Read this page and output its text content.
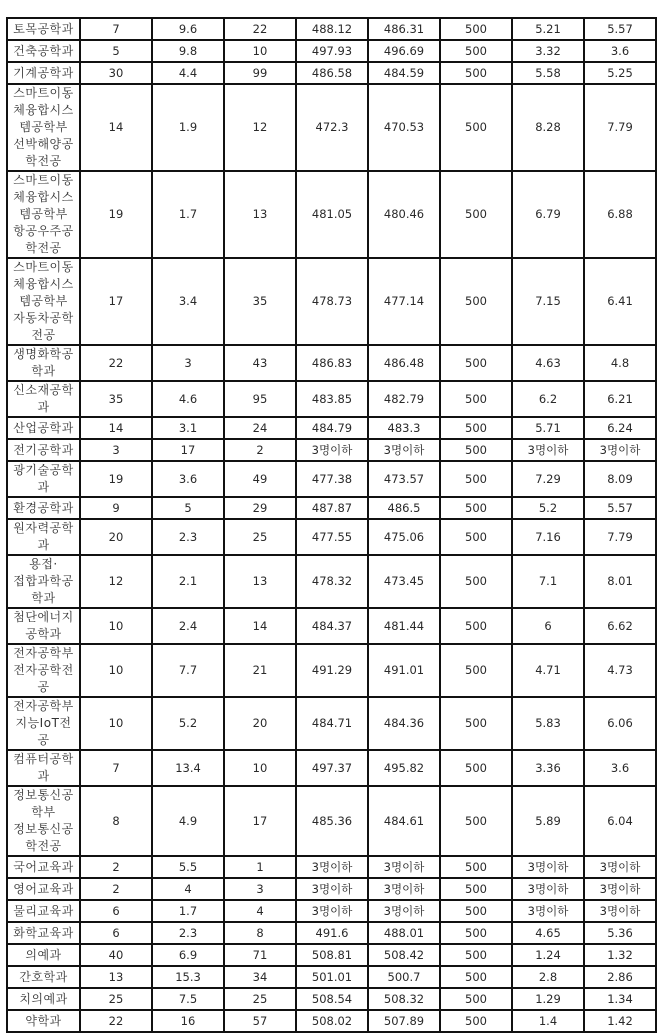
토목공학과	7	9.6	22	488.12	486.31	500	5.21	5.57
건축공학과	5	9.8	10	497.93	496.69	500	3.32	3.6
기계공학과	30	4.4	99	486.58	484.59	500	5.58	5.25
스마트이동체융합시스템공학부 선박해양공학전공	14	1.9	12	472.3	470.53	500	8.28	7.79
스마트이동체융합시스템공학부 항공우주공학전공	19	1.7	13	481.05	480.46	500	6.79	6.88
스마트이동체융합시스템공학부 자동차공학전공	17	3.4	35	478.73	477.14	500	7.15	6.41
생명화학공학과	22	3	43	486.83	486.48	500	4.63	4.8
신소재공학과	35	4.6	95	483.85	482.79	500	6.2	6.21
산업공학과	14	3.1	24	484.79	483.3	500	5.71	6.24
전기공학과	3	17	2	3명이하	3명이하	500	3명이하	3명이하
광기술공학과	19	3.6	49	477.38	473.57	500	7.29	8.09
환경공학과	9	5	29	487.87	486.5	500	5.2	5.57
원자력공학과	20	2.3	25	477.55	475.06	500	7.16	7.79
용접·접합과학공학과	12	2.1	13	478.32	473.45	500	7.1	8.01
첨단에너지공학과	10	2.4	14	484.37	481.44	500	6	6.62
전자공학부 전자공학전공	10	7.7	21	491.29	491.01	500	4.71	4.73
전자공학부 지능IoT전공	10	5.2	20	484.71	484.36	500	5.83	6.06
컴퓨터공학과	7	13.4	10	497.37	495.82	500	3.36	3.6
정보통신공학부 정보통신공학전공	8	4.9	17	485.36	484.61	500	5.89	6.04
국어교육과	2	5.5	1	3명이하	3명이하	500	3명이하	3명이하
영어교육과	2	4	3	3명이하	3명이하	500	3명이하	3명이하
물리교육과	6	1.7	4	3명이하	3명이하	500	3명이하	3명이하
화학교육과	6	2.3	8	491.6	488.01	500	4.65	5.36
의예과	40	6.9	71	508.81	508.42	500	1.24	1.32
간호학과	13	15.3	34	501.01	500.7	500	2.8	2.86
치의예과	25	7.5	25	508.54	508.32	500	1.29	1.34
약학과	22	16	57	508.02	507.89	500	1.4	1.42
